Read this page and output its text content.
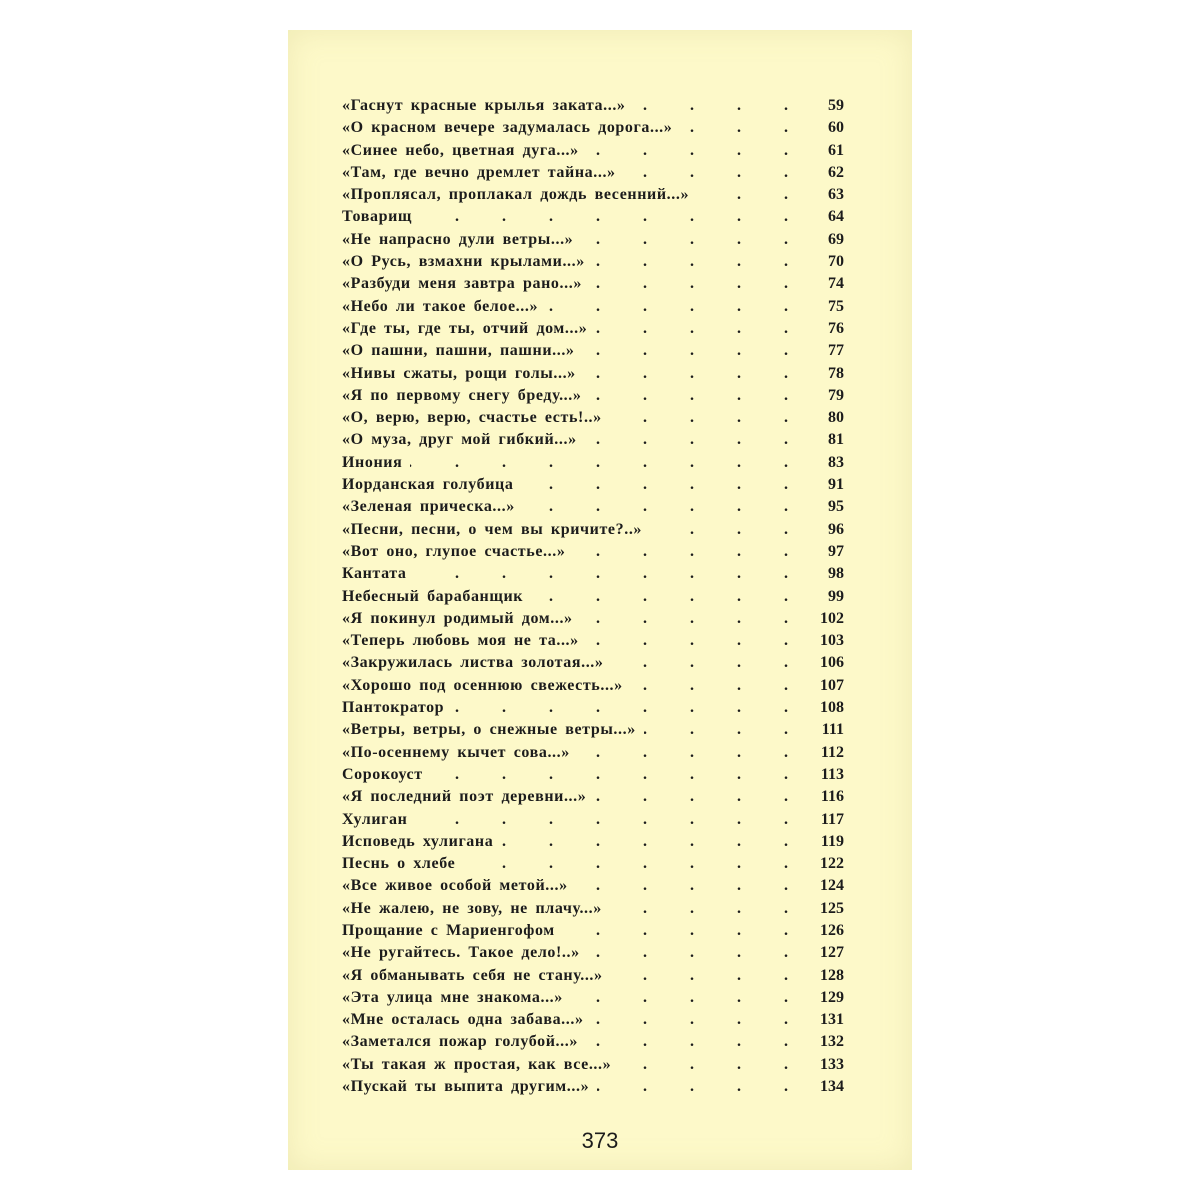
«Гаснут красные крылья заката...» . . .	59
«О красном вечере задумалась дорога...» . . .	60
«Синее небо, цветная дуга...» . . .	61
«Там, где вечно дремлет тайна...» . . .	62
«Проплясал, проплакал дождь весенний...» . . .	63
Товарищ . . .	64
«Не напрасно дули ветры...» . . .	69
«О Русь, взмахни крылами...» . . .	70
«Разбуди меня завтра рано...» . . .	74
«Небо ли такое белое...» . . .	75
«Где ты, где ты, отчий дом...» . . .	76
«О пашни, пашни, пашни...» . . .	77
«Нивы сжаты, рощи голы...» . . .	78
«Я по первому снегу бреду...» . . .	79
«О, верю, верю, счастье есть!..» . . .	80
«О муза, друг мой гибкий...» . . .	81
Инония . . .	83
Иорданская голубица . . .	91
«Зеленая прическа...» . . .	95
«Песни, песни, о чем вы кричите?..» . . .	96
«Вот оно, глупое счастье...» . . .	97
Кантата . . .	98
Небесный барабанщик . . .	99
«Я покинул родимый дом...» . . .	102
«Теперь любовь моя не та...» . . .	103
«Закружилась листва золотая...» . . .	106
«Хорошо под осеннюю свежесть...» . . .	107
Пантократор . . .	108
«Ветры, ветры, о снежные ветры...» . . .	111
«По-осеннему кычет сова...» . . .	112
Сорокоуст . . .	113
«Я последний поэт деревни...» . . .	116
Хулиган . . .	117
Исповедь хулигана . . .	119
Песнь о хлебе . . .	122
«Все живое особой метой...» . . .	124
«Не жалею, не зову, не плачу...» . . .	125
Прощание с Мариенгофом . . .	126
«Не ругайтесь. Такое дело!..» . . .	127
«Я обманывать себя не стану...» . . .	128
«Эта улица мне знакома...» . . .	129
«Мне осталась одна забава...» . . .	131
«Заметался пожар голубой...» . . .	132
«Ты такая ж простая, как все...» . . .	133
«Пускай ты выпита другим...» . . .	134
373
